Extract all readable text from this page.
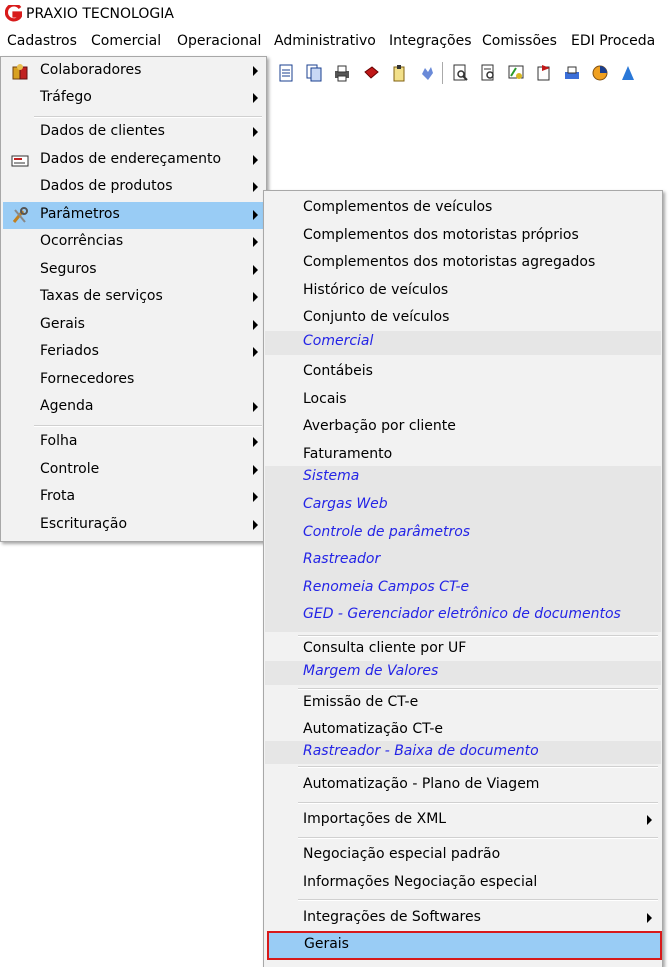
PRAXIO TECNOLOGIA
Cadastros Comercial Operacional Administrativo Integrações Comissões EDI Proceda
Colaboradores
Tráfego
Dados de clientes
Dados de endereçamento
Dados de produtos
Parâmetros
Ocorrências
Seguros
Taxas de serviços
Gerais
Feriados
Fornecedores
Agenda
Folha
Controle
Frota
Escrituração
Complementos de veículos
Complementos dos motoristas próprios
Complementos dos motoristas agregados
Histórico de veículos
Conjunto de veículos
Comercial
Contábeis
Locais
Averbação por cliente
Faturamento
Sistema
Cargas Web
Controle de parâmetros
Rastreador
Renomeia Campos CT-e
GED - Gerenciador eletrônico de documentos
Consulta cliente por UF
Margem de Valores
Emissão de CT-e
Automatização CT-e
Rastreador - Baixa de documento
Automatização - Plano de Viagem
Importações de XML
Negociação especial padrão
Informações Negociação especial
Integrações de Softwares
Gerais
